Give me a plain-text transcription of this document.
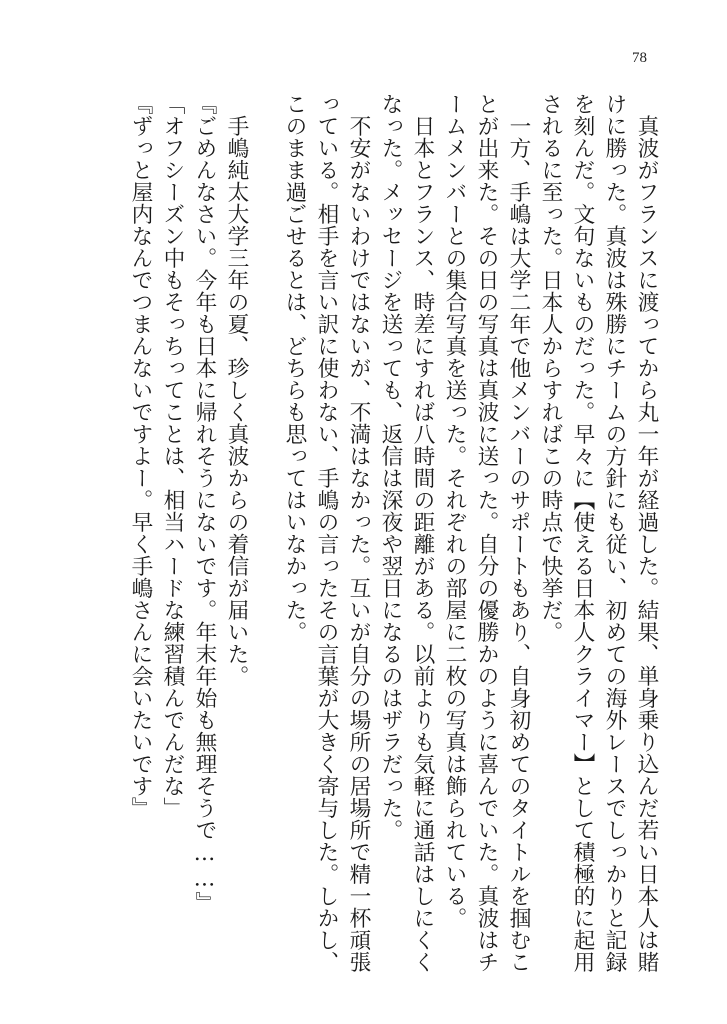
78
　真波がフランスに渡ってから丸一年が経過した。結果、単身乗り込んだ若い日本人は賭
けに勝った。真波は殊勝にチームの方針にも従い、初めての海外レースでしっかりと記録
を刻んだ。文句ないものだった。早々に【使える日本人クライマー】として積極的に起用
されるに至った。日本人からすればこの時点で快挙だ。
　一方、手嶋は大学二年で他メンバーのサポートもあり、自身初めてのタイトルを掴むこ
とが出来た。その日の写真は真波に送った。自分の優勝かのように喜んでいた。真波はチ
ームメンバーとの集合写真を送った。それぞれの部屋に二枚の写真は飾られている。
　日本とフランス、時差にすれば八時間の距離がある。以前よりも気軽に通話はしにくく
なった。メッセージを送っても、返信は深夜や翌日になるのはザラだった。
　不安がないわけではないが、不満はなかった。互いが自分の場所の居場所で精一杯頑張
っている。相手を言い訳に使わない、手嶋の言ったその言葉が大きく寄与した。しかし、
このまま過ごせるとは、どちらも思ってはいなかった。
　手嶋純太大学三年の夏、珍しく真波からの着信が届いた。
『ごめんなさい。今年も日本に帰れそうにないです。年末年始も無理そうで……』
「オフシーズン中もそっちってことは、相当ハードな練習積んでんだな」
『ずっと屋内なんでつまんないですよー。早く手嶋さんに会いたいです』
